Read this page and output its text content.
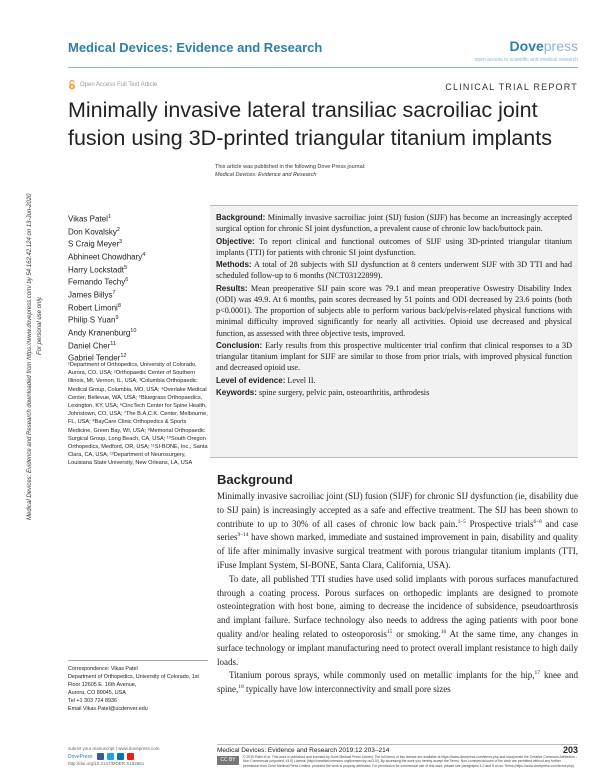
Medical Devices: Evidence and Research	Dovepress
open access to scientific and medical research
Open Access Full Text Article	CLINICAL TRIAL REPORT
Minimally invasive lateral transiliac sacroiliac joint fusion using 3D-printed triangular titanium implants
Medical Devices: Evidence and Research downloaded from https://www.dovepress.com/ by 54.162.42.124 on 13-Jun-2020 For personal use only.
This article was published in the following Dove Press journal:
Medical Devices: Evidence and Research
Vikas Patel$^1$
Don Kovalsky$^2$
S Craig Meyer$^3$
Abhineet Chowdhary$^4$
Harry Lockstadt$^5$
Fernando Techy$^6$
James Billys$^7$
Robert Limoni$^8$
Philip S Yuan$^9$
Andy Kranenburg$^{10}$
Daniel Cher$^{11}$
Gabriel Tender$^{12}$
¹Department of Orthopedics, University of Colorado, Aurora, CO, USA; ²Orthopaedic Center of Southern Illinois, Mt. Vernon, IL, USA; ³Columbia Orthopaedic Medical Group, Columbia, MO, USA; ⁴Overlake Medical Center, Bellevue, WA, USA; ⁵Bluegrass Orthopaedics, Lexington, KY, USA; ⁶CincTech Center for Spine Health, Johnstown, CO, USA; ⁷The B.A.C.K. Center, Melbourne, FL, USA; ⁸BayCare Clinic Orthopedics & Sports Medicine, Green Bay, WI, USA; ⁹Memorial Orthopaedic Surgical Group, Long Beach, CA, USA; ¹⁰South Oregon Orthopedics, Medford, OR, USA; ¹¹SI-BONE, Inc., Santa Clara, CA, USA; ¹²Department of Neurosurgery, Louisiana State University, New Orleans, LA, USA

Background: Minimally invasive sacroiliac joint (SIJ) fusion (SIJF) has become an increasingly accepted surgical option for chronic SI joint dysfunction, a prevalent cause of chronic low back/buttock pain.

Objective: To report clinical and functional outcomes of SIJF using 3D-printed triangular titanium implants (TTI) for patients with chronic SI joint dysfunction.

Methods: A total of 28 subjects with SIJ dysfunction at 8 centers underwent SIJF with 3D TTI and had scheduled follow-up to 6 months (NCT03122899).

Results: Mean preoperative SIJ pain score was 79.1 and mean preoperative Oswestry Disability Index (ODI) was 49.9. At 6 months, pain scores decreased by 51 points and ODI decreased by 23.6 points (both p<0.0001). The proportion of subjects able to perform various back/pelvis-related physical functions with minimal difficulty improved significantly for nearly all activities. Opioid use decreased and physical function, as assessed with three objective tests, improved.

Conclusion: Early results from this prospective multicenter trial confirm that clinical responses to a 3D triangular titanium implant for SIJF are similar to those from prior trials, with improved physical function and decreased opioid use.

Level of evidence: Level II.

Keywords: spine surgery, pelvic pain, osteoarthritis, arthrodesis

Background

Minimally invasive sacroiliac joint (SIJ) fusion (SIJF) for chronic SIJ dysfunction (ie, disability due to SIJ pain) is increasingly accepted as a safe and effective treatment. The SIJ has been shown to contribute to up to 30% of all cases of chronic low back pain.$^{1-5}$ Prospective trials$^{6-8}$ and case series$^{9-14}$ have shown marked, immediate and sustained improvement in pain, disability and quality of life after minimally invasive surgical treatment with porous triangular titanium implants (TTI, iFuse Implant System, SI-BONE, Santa Clara, California, USA).

To date, all published TTI studies have used solid implants with porous surfaces manufactured through a coating process. Porous surfaces on orthopedic implants are designed to promote osteointegration with host bone, aiming to decrease the incidence of subsidence, pseudoarthrosis and implant failure. Surface technology also needs to address the aging patients with poor bone quality and/or healing related to osteoporosis$^{15}$ or smoking.$^{16}$ At the same time, any changes in surface technology or implant manufacturing need to protect overall implant resistance to high daily loads.

Titanium porous sprays, while commonly used on metallic implants for the hip,$^{17}$ knee and spine,$^{18}$ typically have low interconnectivity and small pore sizes

Correspondence: Vikas Patel
Department of Orthopedics, University of Colorado, 1st Floor 12605 E. 16th Avenue,
Aurora, CO 80045, USA
Tel +1 303 724 8936
Email Vikas.Patel@ucdenver.edu
submit your manuscript | www.dovepress.com
DovePress
http://doi.org/10.2147/MDER.S192861
Medical Devices: Evidence and Research 2019:12 203–214	203
CC BY NC
© 2019 Patel et al. This work is published and licensed by Dove Medical Press Limited. The full terms of this license are available at https://www.dovepress.com/terms.php and incorporate the Creative Commons Attribution – Non Commercial (unported, v3.0) License (http://creativecommons.org/licenses/by-nc/3.0/). By accessing the work you hereby accept the Terms. Non-commercial uses of the work are permitted without any further permission from Dove Medical Press Limited, provided the work is properly attributed. For permission for commercial use of this work, please see paragraphs 4.2 and 5 of our Terms (https://www.dovepress.com/terms.php).
